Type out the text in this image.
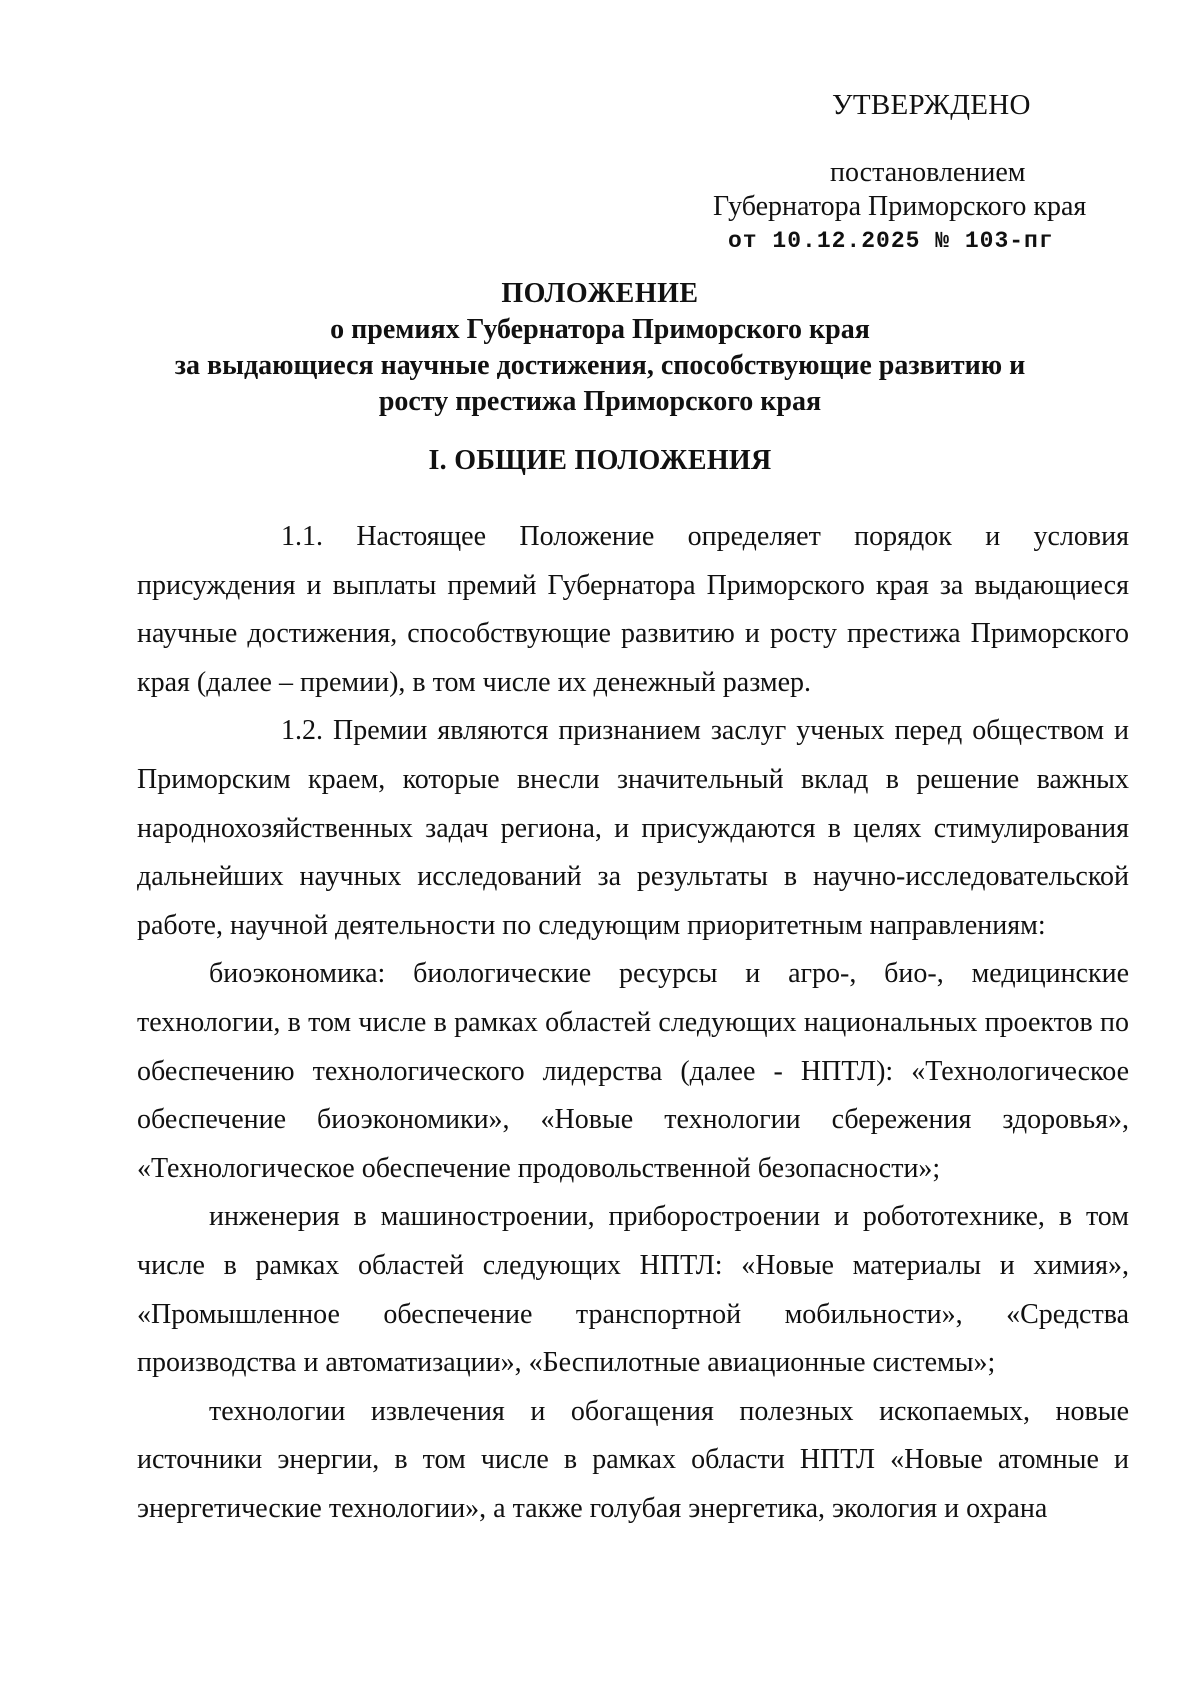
УТВЕРЖДЕНО
постановлением
Губернатора Приморского края
от 10.12.2025 № 103-пг
ПОЛОЖЕНИЕ
о премиях Губернатора Приморского края
за выдающиеся научные достижения, способствующие развитию и
росту престижа Приморского края
I. ОБЩИЕ ПОЛОЖЕНИЯ

1.1. Настоящее Положение определяет порядок и условия присуждения и выплаты премий Губернатора Приморского края за выдающиеся научные достижения, способствующие развитию и росту престижа Приморского края (далее – премии), в том числе их денежный размер.

1.2. Премии являются признанием заслуг ученых перед обществом и Приморским краем, которые внесли значительный вклад в решение важных народнохозяйственных задач региона, и присуждаются в целях стимулирования дальнейших научных исследований за результаты в научно-исследовательской работе, научной деятельности по следующим приоритетным направлениям:

биоэкономика: биологические ресурсы и агро-, био-, медицинские технологии, в том числе в рамках областей следующих национальных проектов по обеспечению технологического лидерства (далее - НПТЛ): «Технологическое обеспечение биоэкономики», «Новые технологии сбережения здоровья», «Технологическое обеспечение продовольственной безопасности»;

инженерия в машиностроении, приборостроении и робототехнике, в том числе в рамках областей следующих НПТЛ: «Новые материалы и химия», «Промышленное обеспечение транспортной мобильности», «Средства производства и автоматизации», «Беспилотные авиационные системы»;

технологии извлечения и обогащения полезных ископаемых, новые источники энергии, в том числе в рамках области НПТЛ «Новые атомные и энергетические технологии», а также голубая энергетика, экология и охрана
